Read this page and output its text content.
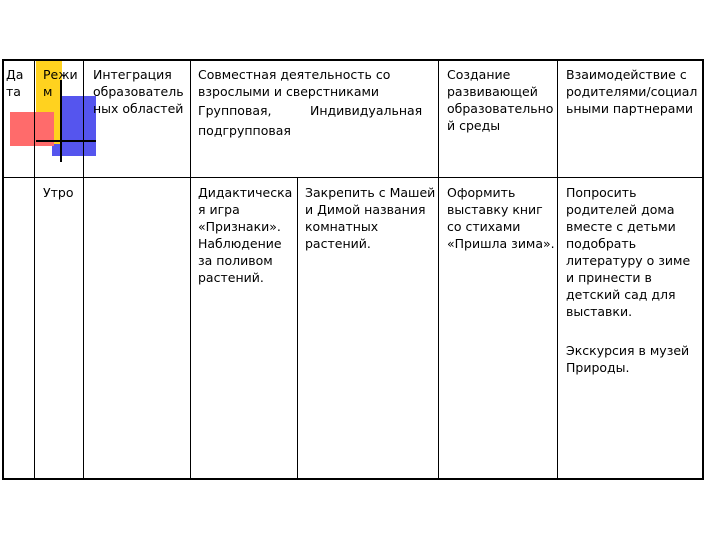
Да
та
Режи
м
Интеграция
образователь
ных областей
Совместная деятельность со
взрослыми и сверстниками
Групповая,	Индивидуальная
подгрупповая
Создание
развивающей
образовательно
й среды
Взаимодействие с
родителями/социал
ьными партнерами
Утро	Дидактическа
я игра
«Признаки».
Наблюдение
за поливом
растений.
Закрепить с Машей
и Димой названия
комнатных
растений.
Оформить
выставку книг
со стихами
«Пришла зима».
Попросить
родителей дома
вместе с детьми
подобрать
литературу о зиме
и принести в
детский сад для
выставки.
Экскурсия в музей
Природы.
